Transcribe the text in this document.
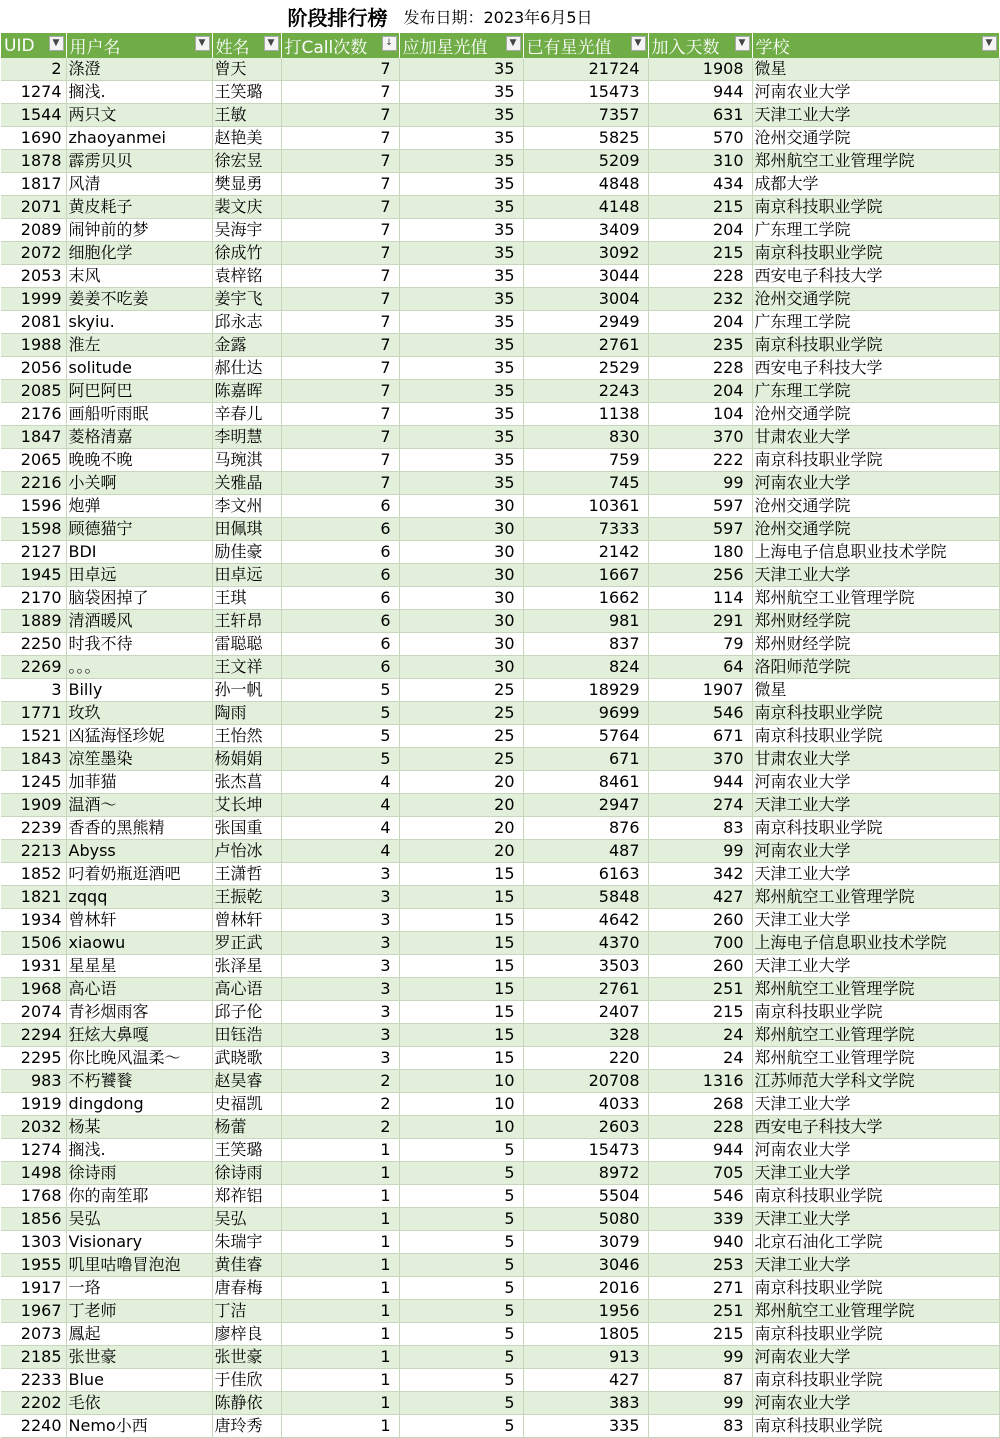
阶段排行榜 发布日期：2023年6月5日
UID ▼	用户名 ▼	姓名 ▼	打Call次数 ↓	应加星光值 ▼	已有星光值 ▼	加入天数 ▼	学校 ▼

2	涤澄	曾天	7	35	21724	1908	微星
1274	搁浅.	王笑璐	7	35	15473	944	河南农业大学
1544	两只文	王敏	7	35	7357	631	天津工业大学
1690	zhaoyanmei	赵艳美	7	35	5825	570	沧州交通学院
1878	霹雳贝贝	徐宏昱	7	35	5209	310	郑州航空工业管理学院
1817	风清	樊显勇	7	35	4848	434	成都大学
2071	黄皮耗子	裴文庆	7	35	4148	215	南京科技职业学院
2089	闹钟前的梦	吴海宇	7	35	3409	204	广东理工学院
2072	细胞化学	徐成竹	7	35	3092	215	南京科技职业学院
2053	末风	袁梓铭	7	35	3044	228	西安电子科技大学
1999	姜姜不吃姜	姜宇飞	7	35	3004	232	沧州交通学院
2081	skyiu.	邱永志	7	35	2949	204	广东理工学院
1988	淮左	金露	7	35	2761	235	南京科技职业学院
2056	solitude	郝仕达	7	35	2529	228	西安电子科技大学
2085	阿巴阿巴	陈嘉晖	7	35	2243	204	广东理工学院
2176	画船听雨眠	辛春儿	7	35	1138	104	沧州交通学院
1847	菱格清嘉	李明慧	7	35	830	370	甘肃农业大学
2065	晚晚不晚	马琬淇	7	35	759	222	南京科技职业学院
2216	小关啊	关雅晶	7	35	745	99	河南农业大学
1596	炮弹	李文州	6	30	10361	597	沧州交通学院
1598	顾德猫宁	田佩琪	6	30	7333	597	沧州交通学院
2127	BDI	励佳豪	6	30	2142	180	上海电子信息职业技术学院
1945	田卓远	田卓远	6	30	1667	256	天津工业大学
2170	脑袋困掉了	王琪	6	30	1662	114	郑州航空工业管理学院
1889	清酒暖风	王轩昂	6	30	981	291	郑州财经学院
2250	时我不待	雷聪聪	6	30	837	79	郑州财经学院
2269	。。。	王文祥	6	30	824	64	洛阳师范学院
3	Billy	孙一帆	5	25	18929	1907	微星
1771	玫玖	陶雨	5	25	9699	546	南京科技职业学院
1521	凶猛海怪珍妮	王怡然	5	25	5764	671	南京科技职业学院
1843	凉笙墨染	杨娟娟	5	25	671	370	甘肃农业大学
1245	加菲猫	张杰菖	4	20	8461	944	河南农业大学
1909	温酒～	艾长坤	4	20	2947	274	天津工业大学
2239	香香的黑熊精	张国重	4	20	876	83	南京科技职业学院
2213	Abyss	卢怡冰	4	20	487	99	河南农业大学
1852	叼着奶瓶逛酒吧	王潇哲	3	15	6163	342	天津工业大学
1821	zqqq	王振乾	3	15	5848	427	郑州航空工业管理学院
1934	曾林轩	曾林轩	3	15	4642	260	天津工业大学
1506	xiaowu	罗正武	3	15	4370	700	上海电子信息职业技术学院
1931	星星星	张泽星	3	15	3503	260	天津工业大学
1968	高心语	高心语	3	15	2761	251	郑州航空工业管理学院
2074	青衫烟雨客	邱子伦	3	15	2407	215	南京科技职业学院
2294	狂炫大鼻嘎	田钰浩	3	15	328	24	郑州航空工业管理学院
2295	你比晚风温柔～	武晓歌	3	15	220	24	郑州航空工业管理学院
983	不朽饕餮	赵昊睿	2	10	20708	1316	江苏师范大学科文学院
1919	dingdong	史福凯	2	10	4033	268	天津工业大学
2032	杨某	杨蕾	2	10	2603	228	西安电子科技大学
1274	搁浅.	王笑璐	1	5	15473	944	河南农业大学
1498	徐诗雨	徐诗雨	1	5	8972	705	天津工业大学
1768	你的南笙耶	郑祚铝	1	5	5504	546	南京科技职业学院
1856	吴弘	吴弘	1	5	5080	339	天津工业大学
1303	Visionary	朱瑞宇	1	5	3079	940	北京石油化工学院
1955	叽里咕噜冒泡泡	黄佳睿	1	5	3046	253	天津工业大学
1917	一珞	唐春梅	1	5	2016	271	南京科技职业学院
1967	丁老师	丁洁	1	5	1956	251	郑州航空工业管理学院
2073	鳳起	廖梓良	1	5	1805	215	南京科技职业学院
2185	张世豪	张世豪	1	5	913	99	河南农业大学
2233	Blue	于佳欣	1	5	427	87	南京科技职业学院
2202	毛依	陈静依	1	5	383	99	河南农业大学
2240	Nemo小西	唐玲秀	1	5	335	83	南京科技职业学院
